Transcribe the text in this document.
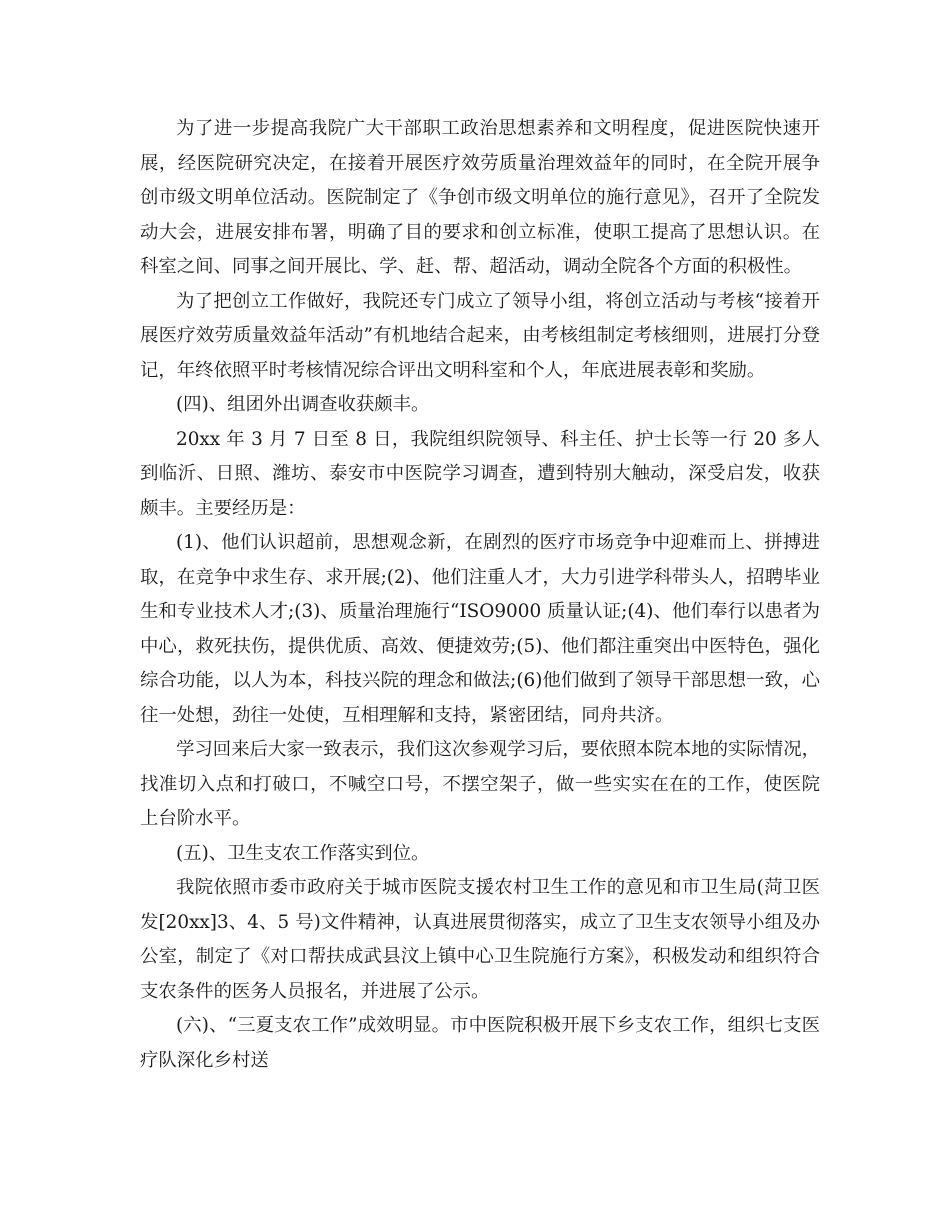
为了进一步提高我院广大干部职工政治思想素养和文明程度，促进医院快速开展，经医院研究决定，在接着开展医疗效劳质量治理效益年的同时，在全院开展争创市级文明单位活动。医院制定了《争创市级文明单位的施行意见》，召开了全院发动大会，进展安排布署，明确了目的要求和创立标准，使职工提高了思想认识。在科室之间、同事之间开展比、学、赶、帮、超活动，调动全院各个方面的积极性。

为了把创立工作做好，我院还专门成立了领导小组，将创立活动与考核“接着开展医疗效劳质量效益年活动”有机地结合起来，由考核组制定考核细则，进展打分登记，年终依照平时考核情况综合评出文明科室和个人，年底进展表彰和奖励。

(四)、组团外出调查收获颇丰。

20xx 年 3 月 7 日至 8 日，我院组织院领导、科主任、护士长等一行 20 多人到临沂、日照、潍坊、泰安市中医院学习调查，遭到特别大触动，深受启发，收获颇丰。主要经历是：

(1)、他们认识超前，思想观念新，在剧烈的医疗市场竞争中迎难而上、拼搏进取，在竞争中求生存、求开展;(2)、他们注重人才，大力引进学科带头人，招聘毕业生和专业技术人才;(3)、质量治理施行“ISO9000 质量认证;(4)、他们奉行以患者为中心，救死扶伤，提供优质、高效、便捷效劳;(5)、他们都注重突出中医特色，强化综合功能，以人为本，科技兴院的理念和做法;(6)他们做到了领导干部思想一致，心往一处想，劲往一处使，互相理解和支持，紧密团结，同舟共济。

学习回来后大家一致表示，我们这次参观学习后，要依照本院本地的实际情况，找准切入点和打破口，不喊空口号，不摆空架子，做一些实实在在的工作，使医院上台阶水平。

(五)、卫生支农工作落实到位。

我院依照市委市政府关于城市医院支援农村卫生工作的意见和市卫生局(菏卫医发[20xx]3、4、5 号)文件精神，认真进展贯彻落实，成立了卫生支农领导小组及办公室，制定了《对口帮扶成武县汶上镇中心卫生院施行方案》，积极发动和组织符合支农条件的医务人员报名，并进展了公示。

(六)、“三夏支农工作”成效明显。市中医院积极开展下乡支农工作，组织七支医疗队深化乡村送
